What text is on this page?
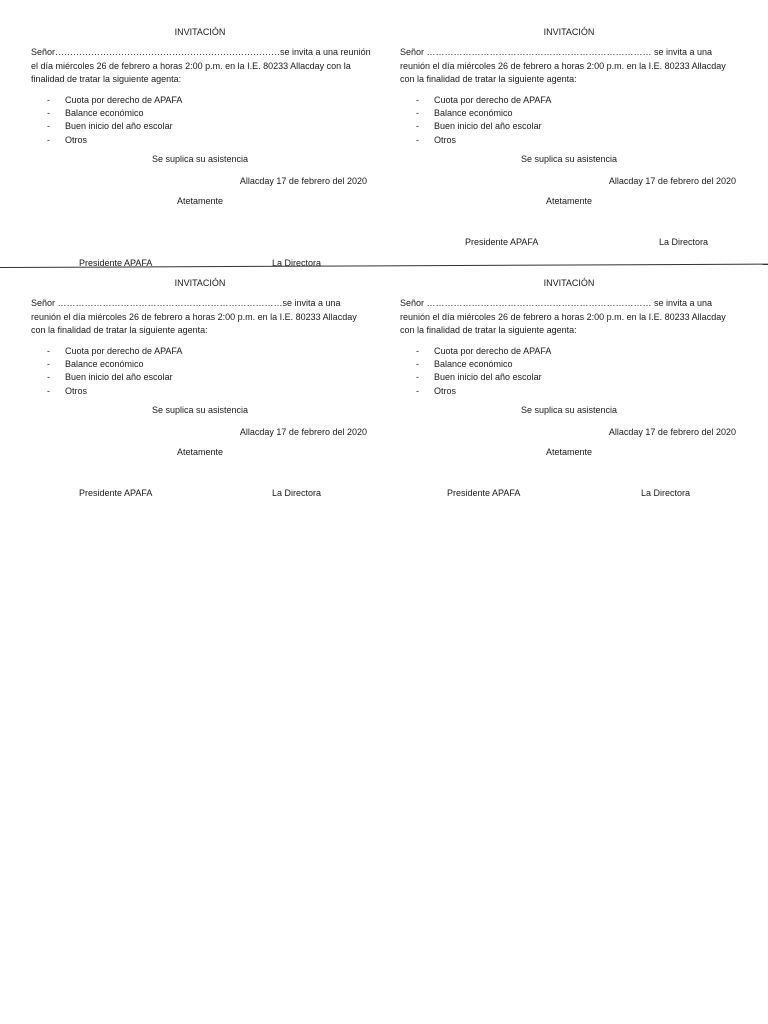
INVITACIÓN
Señor…………………………………………………………………se invita a una reunión el día miércoles 26 de febrero a horas 2:00 p.m. en la I.E. 80233 Allacday con la finalidad de tratar la siguiente agenta:
- Cuota por derecho de APAFA
- Balance económico
- Buen inicio del año escolar
- Otros
Se suplica su asistencia
Allacday 17 de febrero del 2020
Atetamente
Presidente APAFA	La Directora
INVITACIÓN
Señor ………………………………………………………………… se invita a una reunión el día miércoles 26 de febrero a horas 2:00 p.m. en la I.E. 80233 Allacday con la finalidad de tratar la siguiente agenta:
- Cuota por derecho de APAFA
- Balance económico
- Buen inicio del año escolar
- Otros
Se suplica su asistencia
Allacday 17 de febrero del 2020
Atetamente
Presidente APAFA	La Directora
INVITACIÓN
Señor …………………………………………………………………se invita a una reunión el día miércoles 26 de febrero a horas 2:00 p.m. en la I.E. 80233 Allacday con la finalidad de tratar la siguiente agenta:
- Cuota por derecho de APAFA
- Balance económico
- Buen inicio del año escolar
- Otros
Se suplica su asistencia
Allacday 17 de febrero del 2020
Atetamente
Presidente APAFA	La Directora
INVITACIÓN
Señor ………………………………………………………………… se invita a una reunión el día miércoles 26 de febrero a horas 2:00 p.m. en la I.E. 80233 Allacday con la finalidad de tratar la siguiente agenta:
- Cuota por derecho de APAFA
- Balance económico
- Buen inicio del año escolar
- Otros
Se suplica su asistencia
Allacday 17 de febrero del 2020
Atetamente
Presidente APAFA	La Directora
